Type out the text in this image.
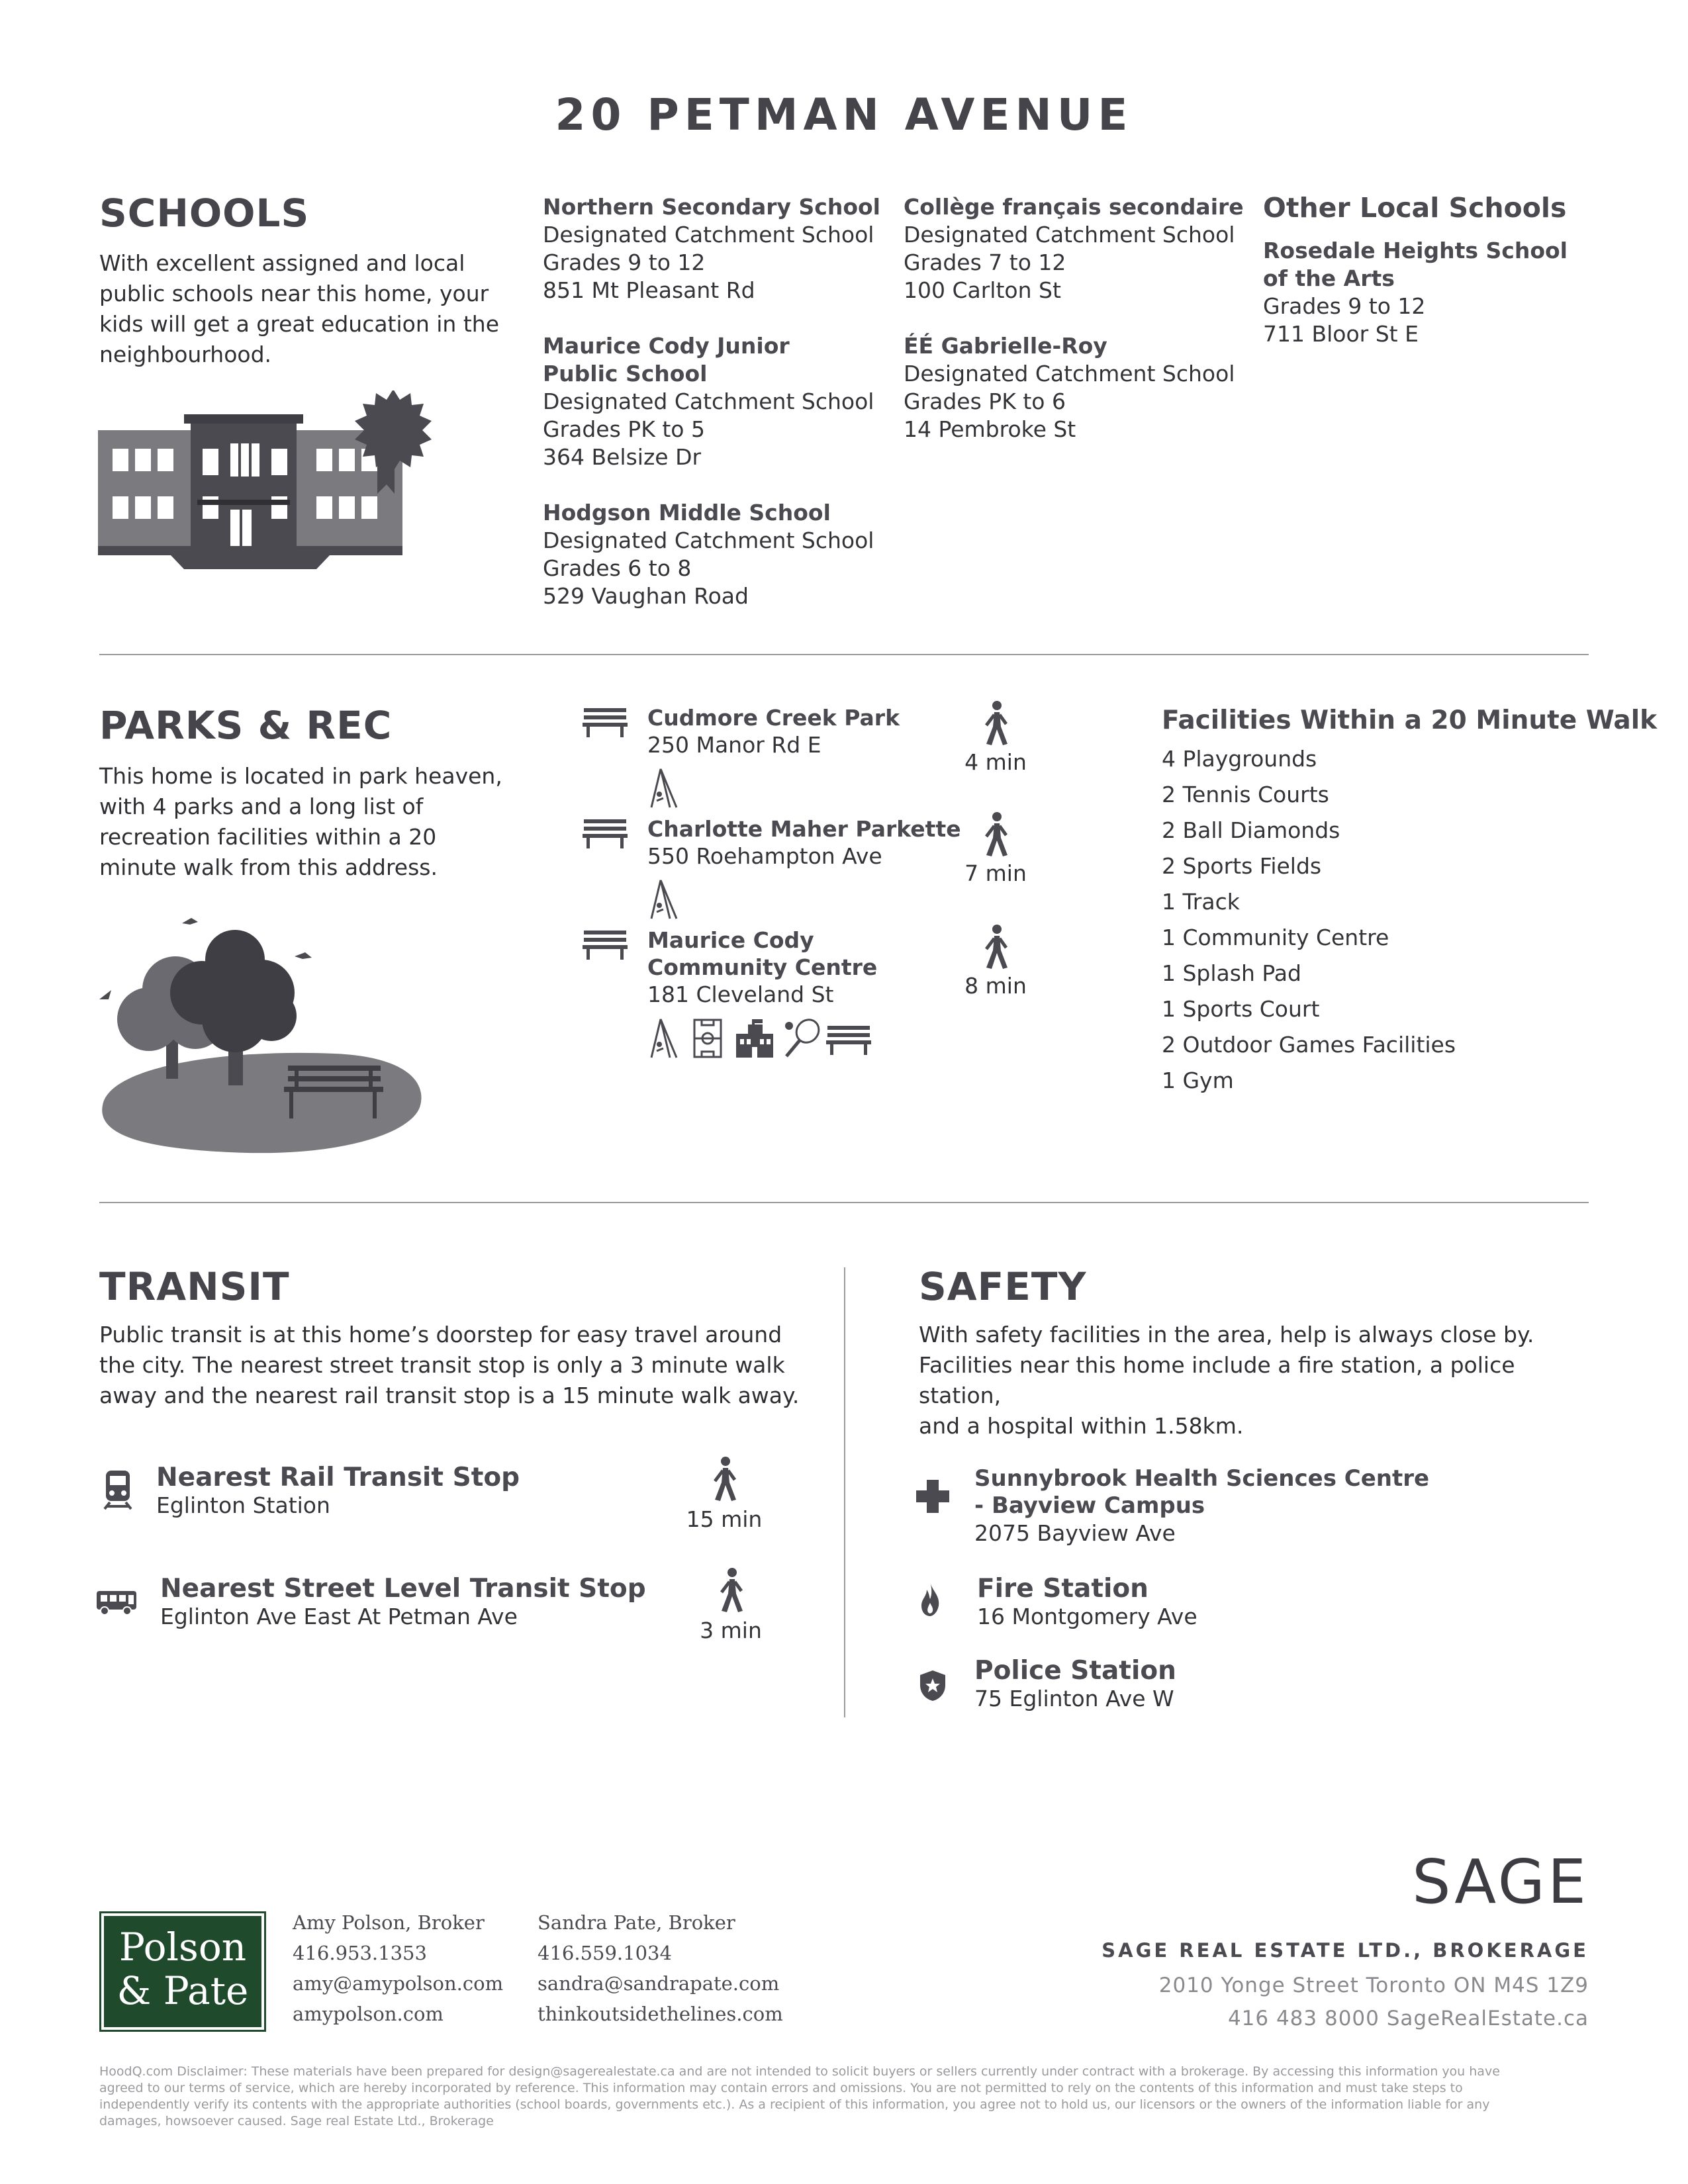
20 PETMAN AVENUE
SCHOOLS
With excellent assigned and local
public schools near this home, your
kids will get a great education in the
neighbourhood.
Northern Secondary School
Designated Catchment School
Grades 9 to 12
851 Mt Pleasant Rd
Maurice Cody Junior
Public School
Designated Catchment School
Grades PK to 5
364 Belsize Dr
Hodgson Middle School
Designated Catchment School
Grades 6 to 8
529 Vaughan Road
Collège français secondaire
Designated Catchment School
Grades 7 to 12
100 Carlton St
ÉÉ Gabrielle-Roy
Designated Catchment School
Grades PK to 6
14 Pembroke St
Other Local Schools
Rosedale Heights School
of the Arts
Grades 9 to 12
711 Bloor St E
PARKS & REC
This home is located in park heaven,
with 4 parks and a long list of
recreation facilities within a 20
minute walk from this address.
Cudmore Creek Park
250 Manor Rd E
Charlotte Maher Parkette
550 Roehampton Ave
Maurice Cody
Community Centre
181 Cleveland St
4 min
7 min
8 min
Facilities Within a 20 Minute Walk
4 Playgrounds
2 Tennis Courts
2 Ball Diamonds
2 Sports Fields
1 Track
1 Community Centre
1 Splash Pad
1 Sports Court
2 Outdoor Games Facilities
1 Gym
TRANSIT
Public transit is at this home’s doorstep for easy travel around
the city. The nearest street transit stop is only a 3 minute walk
away and the nearest rail transit stop is a 15 minute walk away.
Nearest Rail Transit Stop
Eglinton Station
15 min
Nearest Street Level Transit Stop
Eglinton Ave East At Petman Ave
3 min
SAFETY
With safety facilities in the area, help is always close by.
Facilities near this home include a fire station, a police station,
and a hospital within 1.58km.
Sunnybrook Health Sciences Centre
- Bayview Campus
2075 Bayview Ave
Fire Station
16 Montgomery Ave
Police Station
75 Eglinton Ave W
Polson
& Pate
Amy Polson, Broker
416.953.1353
amy@amypolson.com
amypolson.com
Sandra Pate, Broker
416.559.1034
sandra@sandrapate.com
thinkoutsidethelines.com
SAGE
SAGE REAL ESTATE LTD., BROKERAGE
2010 Yonge Street Toronto ON M4S 1Z9
416 483 8000 SageRealEstate.ca
HoodQ.com Disclaimer: These materials have been prepared for design@sagerealestate.ca and are not intended to solicit buyers or sellers currently under contract with a brokerage. By accessing this information you have
agreed to our terms of service, which are hereby incorporated by reference. This information may contain errors and omissions. You are not permitted to rely on the contents of this information and must take steps to
independently verify its contents with the appropriate authorities (school boards, governments etc.). As a recipient of this information, you agree not to hold us, our licensors or the owners of the information liable for any
damages, howsoever caused. Sage real Estate Ltd., Brokerage
